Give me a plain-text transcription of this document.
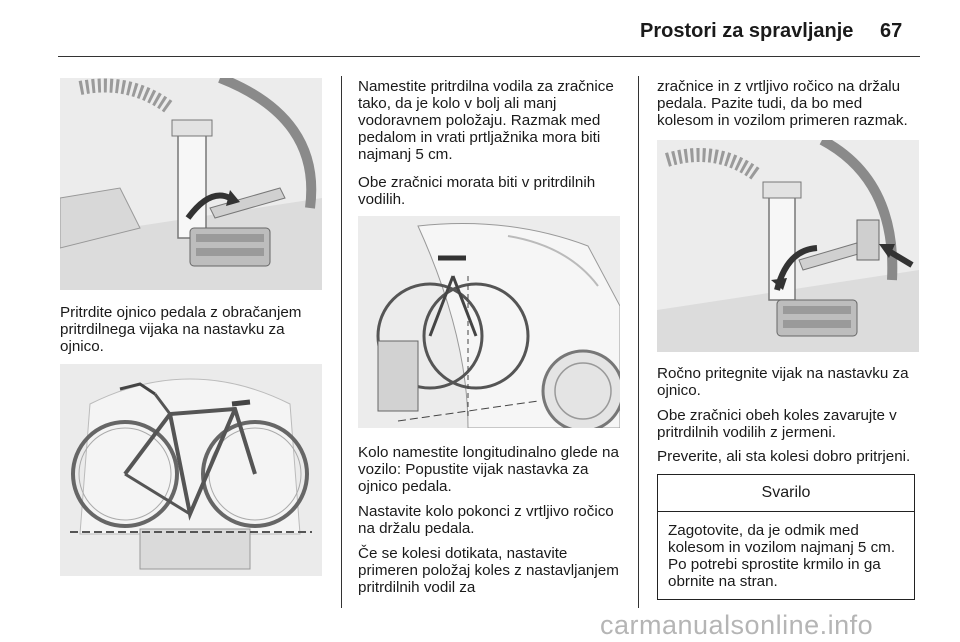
Prostori za spravljanje 67

Pritrdite ojnico pedala z obračanjem pritrdilnega vijaka na nastavku za ojnico.

Namestite pritrdilna vodila za zračnice tako, da je kolo v bolj ali manj vodoravnem položaju. Razmak med pedalom in vrati prtljažnika mora biti najmanj 5 cm.

Obe zračnici morata biti v pritrdilnih vodilih.

Kolo namestite longitudinalno glede na vozilo: Popustite vijak nastavka za ojnico pedala.

Nastavite kolo pokonci z vrtljivo ročico na držalu pedala.

Če se kolesi dotikata, nastavite primeren položaj koles z nastavljanjem pritrdilnih vodil za

zračnice in z vrtljivo ročico na držalu pedala. Pazite tudi, da bo med kolesom in vozilom primeren razmak.

Ročno pritegnite vijak na nastavku za ojnico.

Obe zračnici obeh koles zavarujte v pritrdilnih vodilih z jermeni.

Preverite, ali sta kolesi dobro pritrjeni.

Svarilo

Zagotovite, da je odmik med kolesom in vozilom najmanj 5 cm. Po potrebi sprostite krmilo in ga obrnite na stran.

carmanualsonline.info
